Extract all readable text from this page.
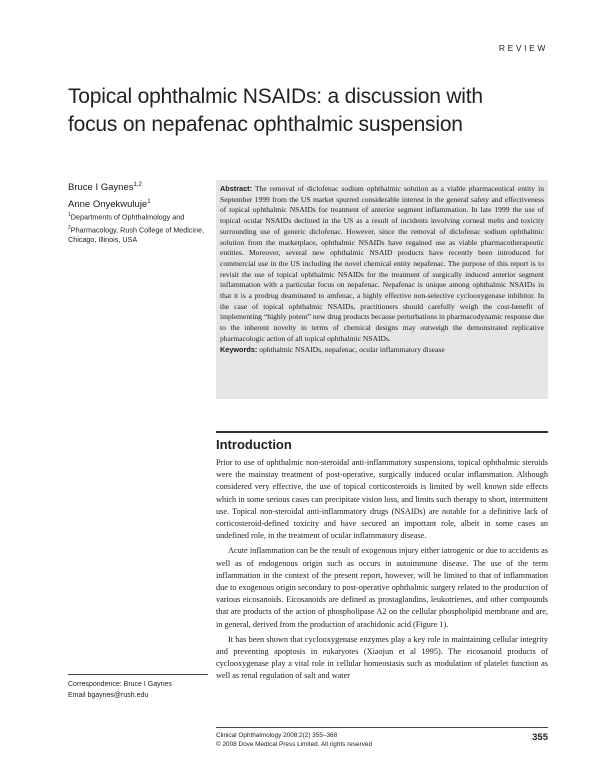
REVIEW
Topical ophthalmic NSAIDs: a discussion with
focus on nepafenac ophthalmic suspension
Bruce I Gaynes$^{1,2}$
Anne Onyekwuluje$^1$
$^1$Departments of Ophthalmology and $^2$Pharmacology, Rush College of Medicine, Chicago, Illinois, USA

Abstract: The removal of diclofenac sodium ophthalmic solution as a viable pharmaceutical entity in September 1999 from the US market spurred considerable interest in the general safety and effectiveness of topical ophthalmic NSAIDs for treatment of anterior segment inflammation. In late 1999 the use of topical ocular NSAIDs declined in the US as a result of incidents involving corneal melts and toxicity surrounding use of generic diclofenac. However, since the removal of diclofenac sodium ophthalmic solution from the marketplace, ophthalmic NSAIDs have regained use as viable pharmacotherapeutic entities. Moreover, several new ophthalmic NSAID products have recently been introduced for commercial use in the US including the novel chemical entity nepafenac. The purpose of this report is to revisit the use of topical ophthalmic NSAIDs for the treatment of surgically induced anterior segment inflammation with a particular focus on nepafenac. Nepafenac is unique among ophthalmic NSAIDs in that it is a prodrug deaminated to amfenac, a highly effective non-selective cyclooxygenase inhibitor. In the case of topical ophthalmic NSAIDs, practitioners should carefully weigh the cost-benefit of implementing “highly potent” new drug products because perturbations in pharmacodynamic response due to the inherent novelty in terms of chemical designs may outweigh the demonstrated replicative pharmacologic action of all topical ophthalmic NSAIDs.

Keywords: ophthalmic NSAIDs, nepafenac, ocular inflammatory disease

Introduction

Prior to use of ophthalmic non-steroidal anti-inflammatory suspensions, topical ophthalmic steroids were the mainstay treatment of post-operative, surgically induced ocular inflammation. Although considered very effective, the use of topical corticosteroids is limited by well known side effects which in some serious cases can precipitate vision loss, and limits such therapy to short, intermittent use. Topical non-steroidal anti-inflammatory drugs (NSAIDs) are notable for a definitive lack of corticosteroid-defined toxicity and have secured an important role, albeit in some cases an undefined role, in the treatment of ocular inflammatory disease.

Acute inflammation can be the result of exogenous injury either iatrogenic or due to accidents as well as of endogenous origin such as occurs in autoimmune disease. The use of the term inflammation in the context of the present report, however, will be limited to that of inflammation due to exogenous origin secondary to post-operative ophthalmic surgery related to the production of various eicosanoids. Eicosanoids are defined as prostaglandins, leukotrienes, and other compounds that are products of the action of phospholipase A2 on the cellular phospholipid membrane and are, in general, derived from the production of arachidonic acid (Figure 1).

It has been shown that cyclooxygenase enzymes play a key role in maintaining cellular integrity and preventing apoptosis in eukaryotes (Xiaojun et al 1995). The eicosanoid products of cyclooxygenase play a vital role in cellular homeostasis such as modulation of platelet function as well as renal regulation of salt and water

Correspondence: Bruce I Gaynes
Email bgaynes@rush.edu
Clinical Ophthalmology 2008:2(2) 355–368
© 2008 Dove Medical Press Limited. All rights reserved
355
